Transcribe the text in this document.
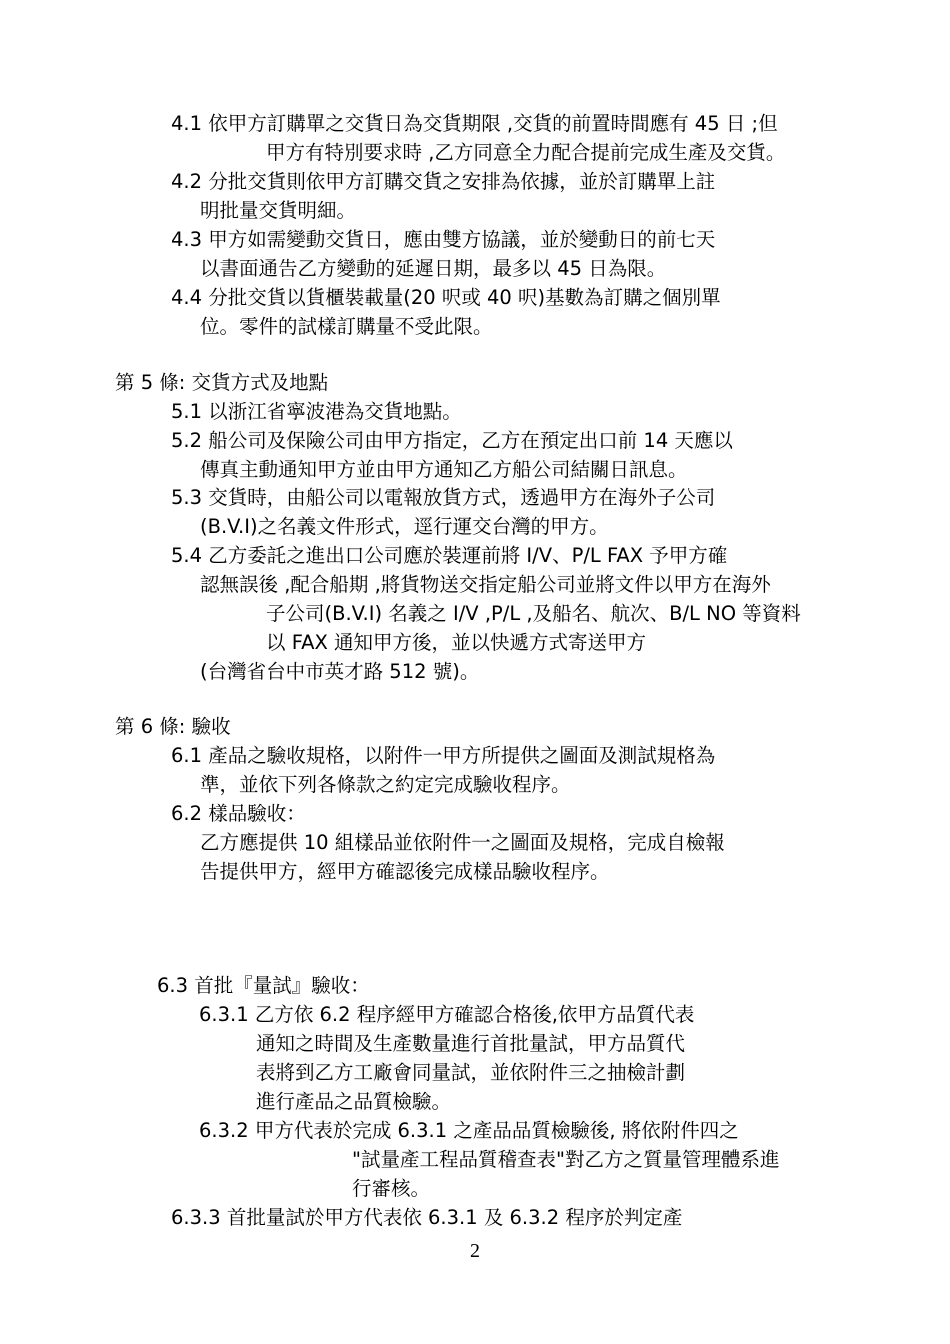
4.1 依甲方訂購單之交貨日為交貨期限 ,交貨的前置時間應有 45 日 ;但
甲方有特別要求時 ,乙方同意全力配合提前完成生產及交貨。
4.2 分批交貨則依甲方訂購交貨之安排為依據，並於訂購單上註
明批量交貨明細。
4.3 甲方如需變動交貨日，應由雙方協議，並於變動日的前七天
以書面通告乙方變動的延遲日期，最多以 45 日為限。
4.4 分批交貨以貨櫃裝載量(20 呎或 40 呎)基數為訂購之個別單
位。零件的試樣訂購量不受此限。
第 5 條: 交貨方式及地點
5.1 以浙江省寧波港為交貨地點。
5.2 船公司及保險公司由甲方指定，乙方在預定出口前 14 天應以
傳真主動通知甲方並由甲方通知乙方船公司結關日訊息。
5.3 交貨時，由船公司以電報放貨方式，透過甲方在海外子公司
(B.V.I)之名義文件形式，逕行運交台灣的甲方。
5.4 乙方委託之進出口公司應於裝運前將 I/V、P/L FAX 予甲方確
認無誤後 ,配合船期 ,將貨物送交指定船公司並將文件以甲方在海外
子公司(B.V.I) 名義之 I/V ,P/L ,及船名、航次、B/L NO 等資料
以 FAX 通知甲方後，並以快遞方式寄送甲方
(台灣省台中市英才路 512 號)。
第 6 條: 驗收
6.1 產品之驗收規格，以附件一甲方所提供之圖面及測試規格為
準，並依下列各條款之約定完成驗收程序。
6.2 樣品驗收：
乙方應提供 10 組樣品並依附件一之圖面及規格，完成自檢報
告提供甲方，經甲方確認後完成樣品驗收程序。
6.3 首批『量試』驗收：
6.3.1 乙方依 6.2 程序經甲方確認合格後,依甲方品質代表
通知之時間及生產數量進行首批量試，甲方品質代
表將到乙方工廠會同量試，並依附件三之抽檢計劃
進行產品之品質檢驗。
6.3.2 甲方代表於完成 6.3.1 之產品品質檢驗後, 將依附件四之
"試量產工程品質稽查表"對乙方之質量管理體系進
行審核。
6.3.3 首批量試於甲方代表依 6.3.1 及 6.3.2 程序於判定產
2
